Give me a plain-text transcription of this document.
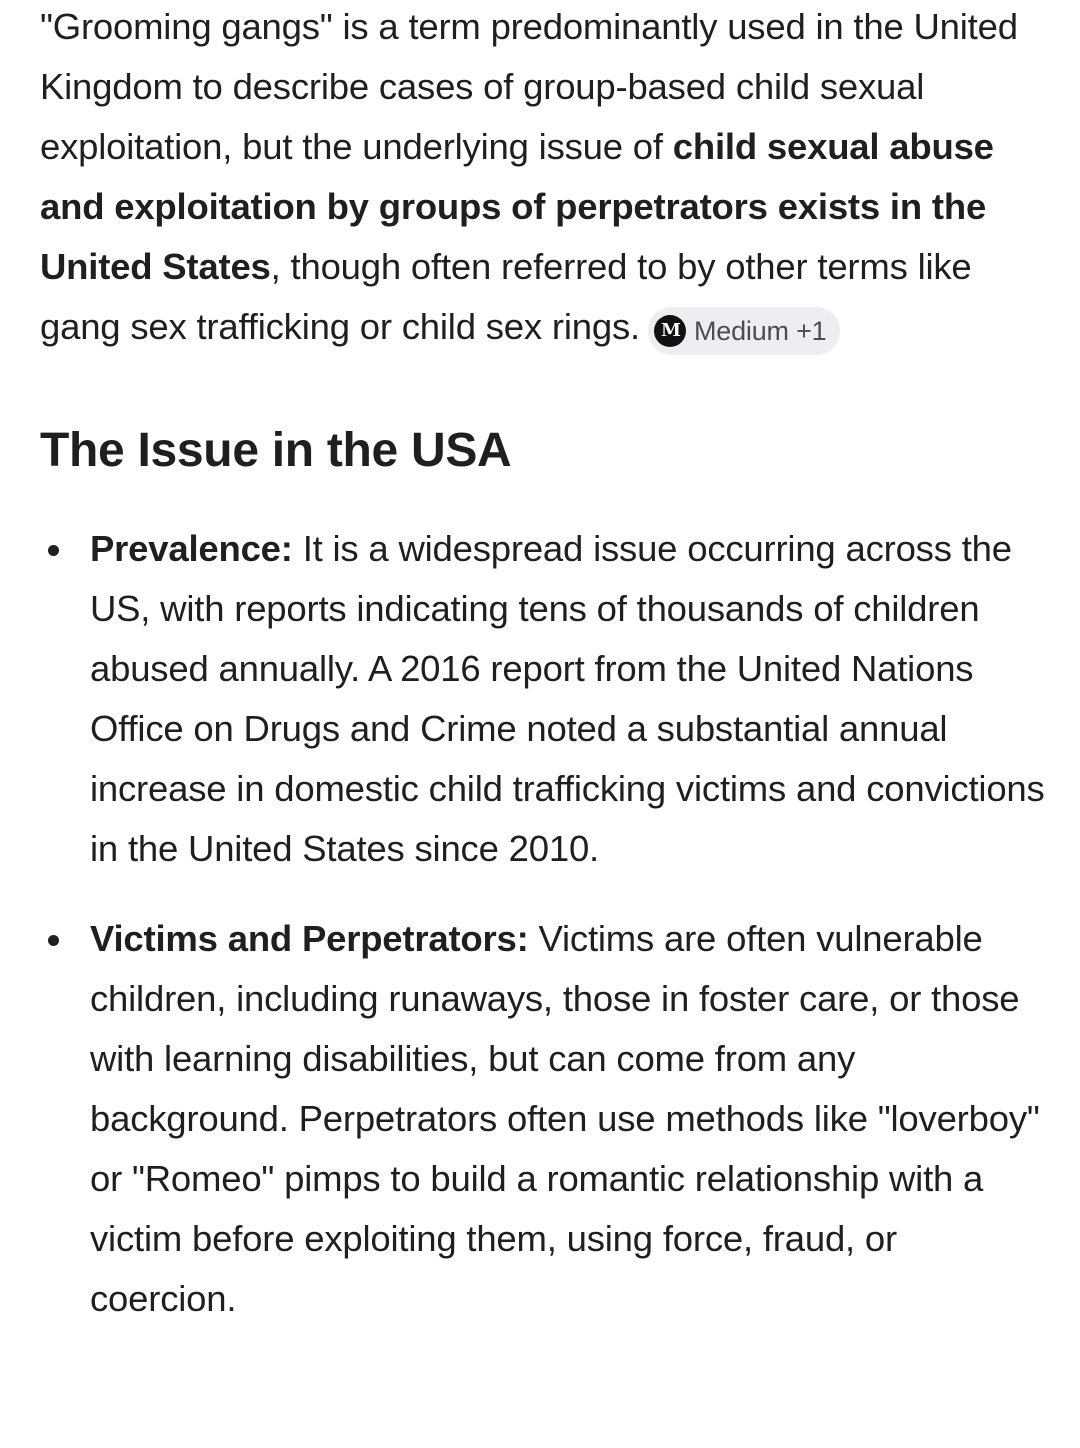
"Grooming gangs" is a term predominantly used in the United Kingdom to describe cases of group-based child sexual exploitation, but the underlying issue of child sexual abuse and exploitation by groups of perpetrators exists in the United States, though often referred to by other terms like gang sex trafficking or child sex rings.	M Medium +1

The Issue in the USA

Prevalence: It is a widespread issue occurring across the US, with reports indicating tens of thousands of children abused annually. A 2016 report from the United Nations Office on Drugs and Crime noted a substantial annual increase in domestic child trafficking victims and convictions in the United States since 2010.

Victims and Perpetrators: Victims are often vulnerable children, including runaways, those in foster care, or those with learning disabilities, but can come from any background. Perpetrators often use methods like "loverboy" or "Romeo" pimps to build a romantic relationship with a victim before exploiting them, using force, fraud, or coercion.
